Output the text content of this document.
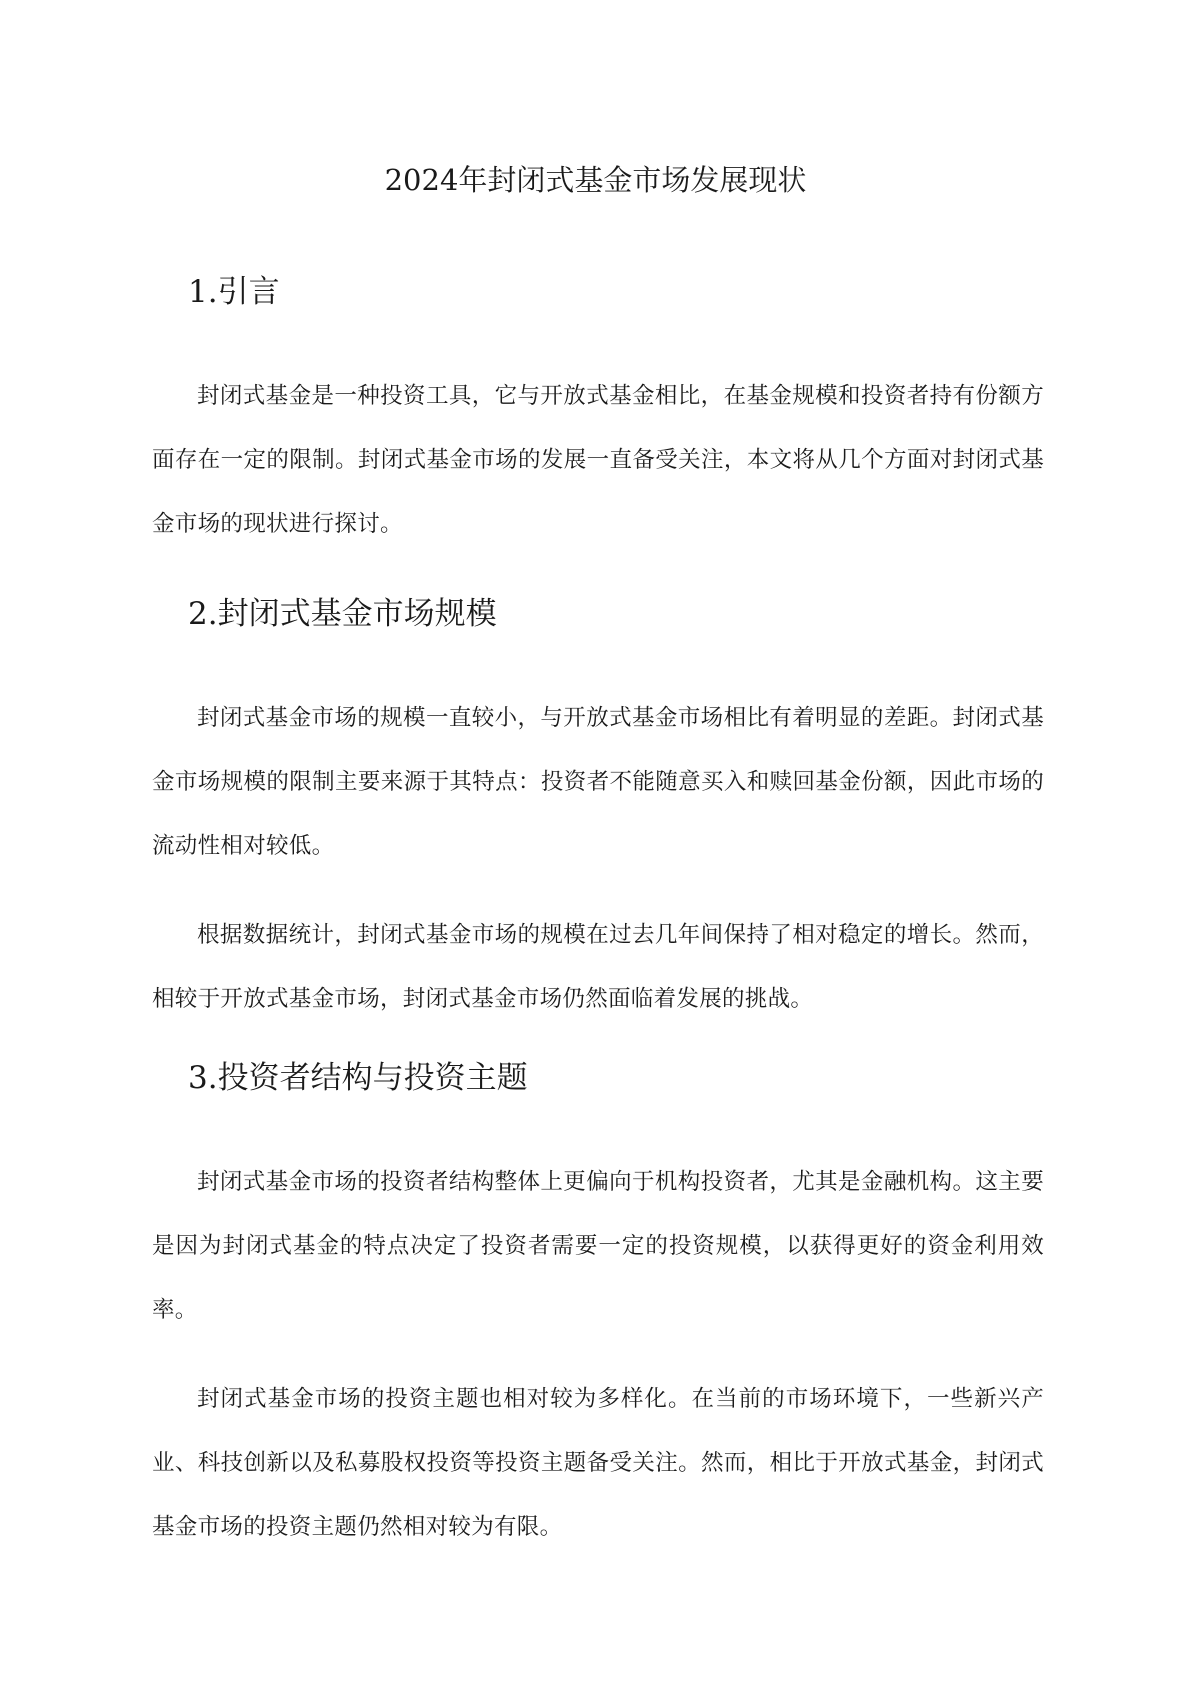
2024年封闭式基金市场发展现状
1.引言

封闭式基金是一种投资工具，它与开放式基金相比，在基金规模和投资者持有份额方面存在一定的限制。封闭式基金市场的发展一直备受关注，本文将从几个方面对封闭式基金市场的现状进行探讨。

2.封闭式基金市场规模

封闭式基金市场的规模一直较小，与开放式基金市场相比有着明显的差距。封闭式基金市场规模的限制主要来源于其特点：投资者不能随意买入和赎回基金份额，因此市场的流动性相对较低。

根据数据统计，封闭式基金市场的规模在过去几年间保持了相对稳定的增长。然而，相较于开放式基金市场，封闭式基金市场仍然面临着发展的挑战。

3.投资者结构与投资主题

封闭式基金市场的投资者结构整体上更偏向于机构投资者，尤其是金融机构。这主要是因为封闭式基金的特点决定了投资者需要一定的投资规模，以获得更好的资金利用效率。

封闭式基金市场的投资主题也相对较为多样化。在当前的市场环境下，一些新兴产业、科技创新以及私募股权投资等投资主题备受关注。然而，相比于开放式基金，封闭式基金市场的投资主题仍然相对较为有限。
